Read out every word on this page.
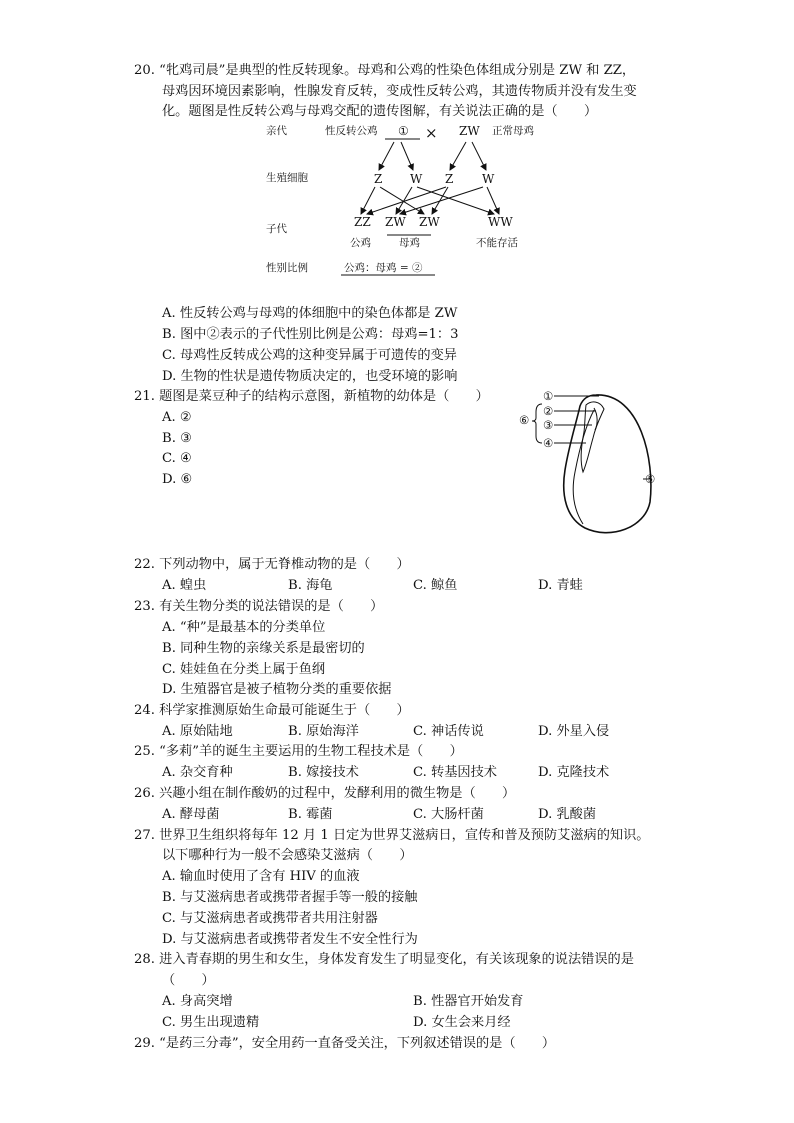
20. “牝鸡司晨”是典型的性反转现象。母鸡和公鸡的性染色体组成分别是 ZW 和 ZZ，
母鸡因环境因素影响，性腺发育反转，变成性反转公鸡，其遗传物质并没有发生变
化。题图是性反转公鸡与母鸡交配的遗传图解，有关说法正确的是（　　）
亲代
生殖细胞
子代
性别比例
性反转公鸡 ① × ZW 正常母鸡
Z W Z W
ZZ ZW ZW	WW
公鸡	母鸡	不能存活
公鸡：母鸡 = ②
A. 性反转公鸡与母鸡的体细胞中的染色体都是 ZW
B. 图中②表示的子代性别比例是公鸡：母鸡=1：3
C. 母鸡性反转成公鸡的这种变异属于可遗传的变异
D. 生物的性状是遗传物质决定的，也受环境的影响
21. 题图是菜豆种子的结构示意图，新植物的幼体是（　　）
A. ②
B. ③
C. ④
D. ⑥
①
②
③
④
⑤
⑥
22. 下列动物中，属于无脊椎动物的是（　　）
A. 蝗虫	B. 海龟	C. 鲸鱼	D. 青蛙
23. 有关生物分类的说法错误的是（　　）
A. “种”是最基本的分类单位
B. 同种生物的亲缘关系是最密切的
C. 娃娃鱼在分类上属于鱼纲
D. 生殖器官是被子植物分类的重要依据
24. 科学家推测原始生命最可能诞生于（　　）
A. 原始陆地	B. 原始海洋	C. 神话传说	D. 外星入侵
25. “多莉”羊的诞生主要运用的生物工程技术是（　　）
A. 杂交育种	B. 嫁接技术	C. 转基因技术	D. 克隆技术
26. 兴趣小组在制作酸奶的过程中，发酵利用的微生物是（　　）
A. 酵母菌	B. 霉菌	C. 大肠杆菌	D. 乳酸菌
27. 世界卫生组织将每年 12 月 1 日定为世界艾滋病日，宣传和普及预防艾滋病的知识。
以下哪种行为一般不会感染艾滋病（　　）
A. 输血时使用了含有 HIV 的血液
B. 与艾滋病患者或携带者握手等一般的接触
C. 与艾滋病患者或携带者共用注射器
D. 与艾滋病患者或携带者发生不安全性行为
28. 进入青春期的男生和女生，身体发育发生了明显变化，有关该现象的说法错误的是
（　　）
A. 身高突增	B. 性器官开始发育
C. 男生出现遗精	D. 女生会来月经
29. “是药三分毒”，安全用药一直备受关注，下列叙述错误的是（　　）
